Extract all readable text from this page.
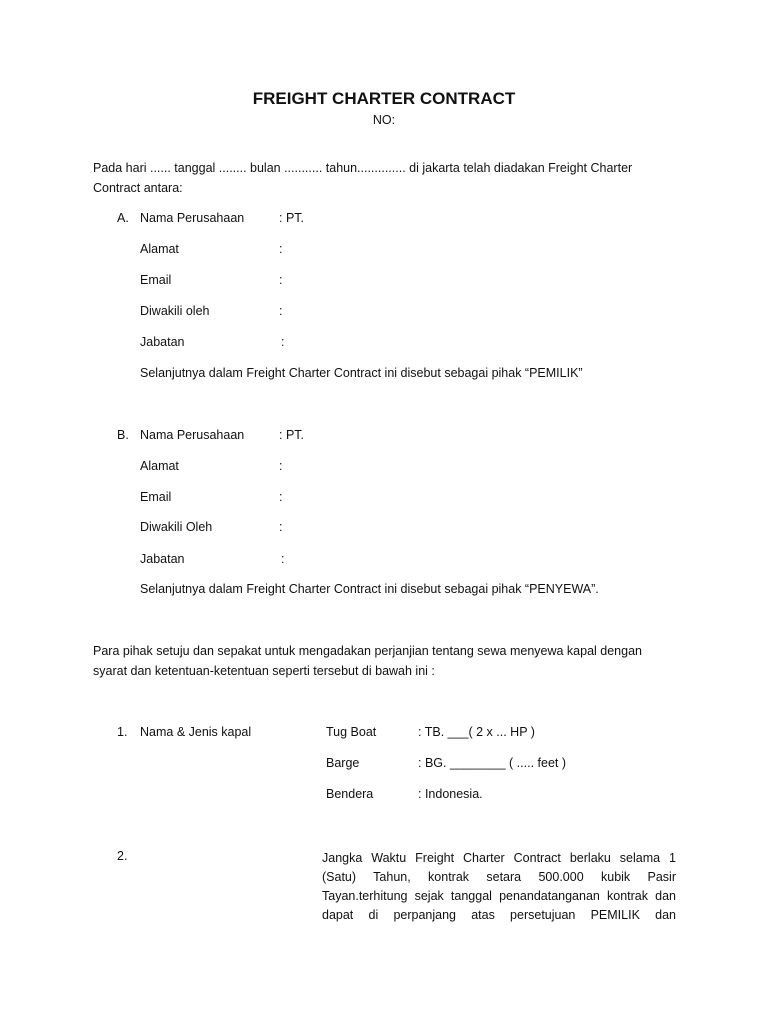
FREIGHT CHARTER CONTRACT
NO:
Pada hari ...... tanggal ........ bulan ........... tahun.............. di jakarta telah diadakan Freight Charter
Contract antara:
A. Nama Perusahaan	: PT.
Alamat	:
Email	:
Diwakili oleh	:
Jabatan	:
Selanjutnya dalam Freight Charter Contract ini disebut sebagai pihak “PEMILIK”
B. Nama Perusahaan	: PT.
Alamat	:
Email	:
Diwakili Oleh	:
Jabatan	:
Selanjutnya dalam Freight Charter Contract ini disebut sebagai pihak “PENYEWA”.
Para pihak setuju dan sepakat untuk mengadakan perjanjian tentang sewa menyewa kapal dengan
syarat dan ketentuan-ketentuan seperti tersebut di bawah ini :
1.	Nama & Jenis kapal	Tug Boat	: TB. ___( 2 x ... HP )
Barge	: BG. ________ ( ..... feet )
Bendera	: Indonesia.
2.	Jangka Waktu Freight Charter Contract berlaku selama 1
(Satu) Tahun, kontrak setara 500.000 kubik Pasir
Tayan.terhitung sejak tanggal penandatanganan kontrak dan
dapat di perpanjang atas persetujuan PEMILIK dan
